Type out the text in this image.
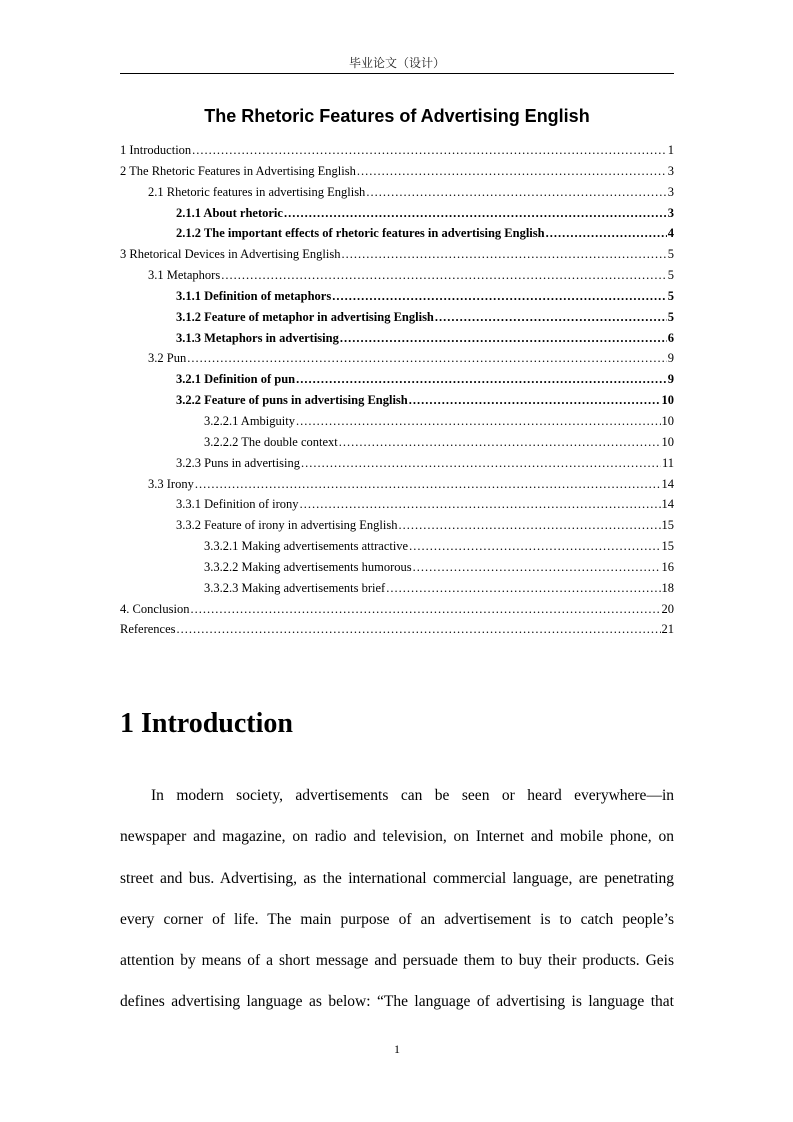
毕业论文（设计）
The Rhetoric Features of Advertising English
1 Introduction .....	1
2 The Rhetoric Features in Advertising English .....	3
2.1 Rhetoric features in advertising English .....	3
2.1.1 About rhetoric .....	3
2.1.2 The important effects of rhetoric features in advertising English .....	4
3 Rhetorical Devices in Advertising English .....	5
3.1 Metaphors .....	5
3.1.1 Definition of metaphors .....	5
3.1.2 Feature of metaphor in advertising English .....	5
3.1.3 Metaphors in advertising .....	6
3.2 Pun .....	9
3.2.1 Definition of pun .....	9
3.2.2 Feature of puns in advertising English .....	10
3.2.2.1 Ambiguity .....	10
3.2.2.2 The double context .....	10
3.2.3 Puns in advertising .....	11
3.3 Irony .....	14
3.3.1 Definition of irony .....	14
3.3.2 Feature of irony in advertising English .....	15
3.3.2.1 Making advertisements attractive .....	15
3.3.2.2 Making advertisements humorous .....	16
3.3.2.3 Making advertisements brief .....	18
4. Conclusion .....	20
References .....	21
1 Introduction
In modern society, advertisements can be seen or heard everywhere—in
newspaper and magazine, on radio and television, on Internet and mobile phone, on
street and bus. Advertising, as the international commercial language, are penetrating
every corner of life. The main purpose of an advertisement is to catch people’s
attention by means of a short message and persuade them to buy their products. Geis
defines advertising language as below: “The language of advertising is language that
1
